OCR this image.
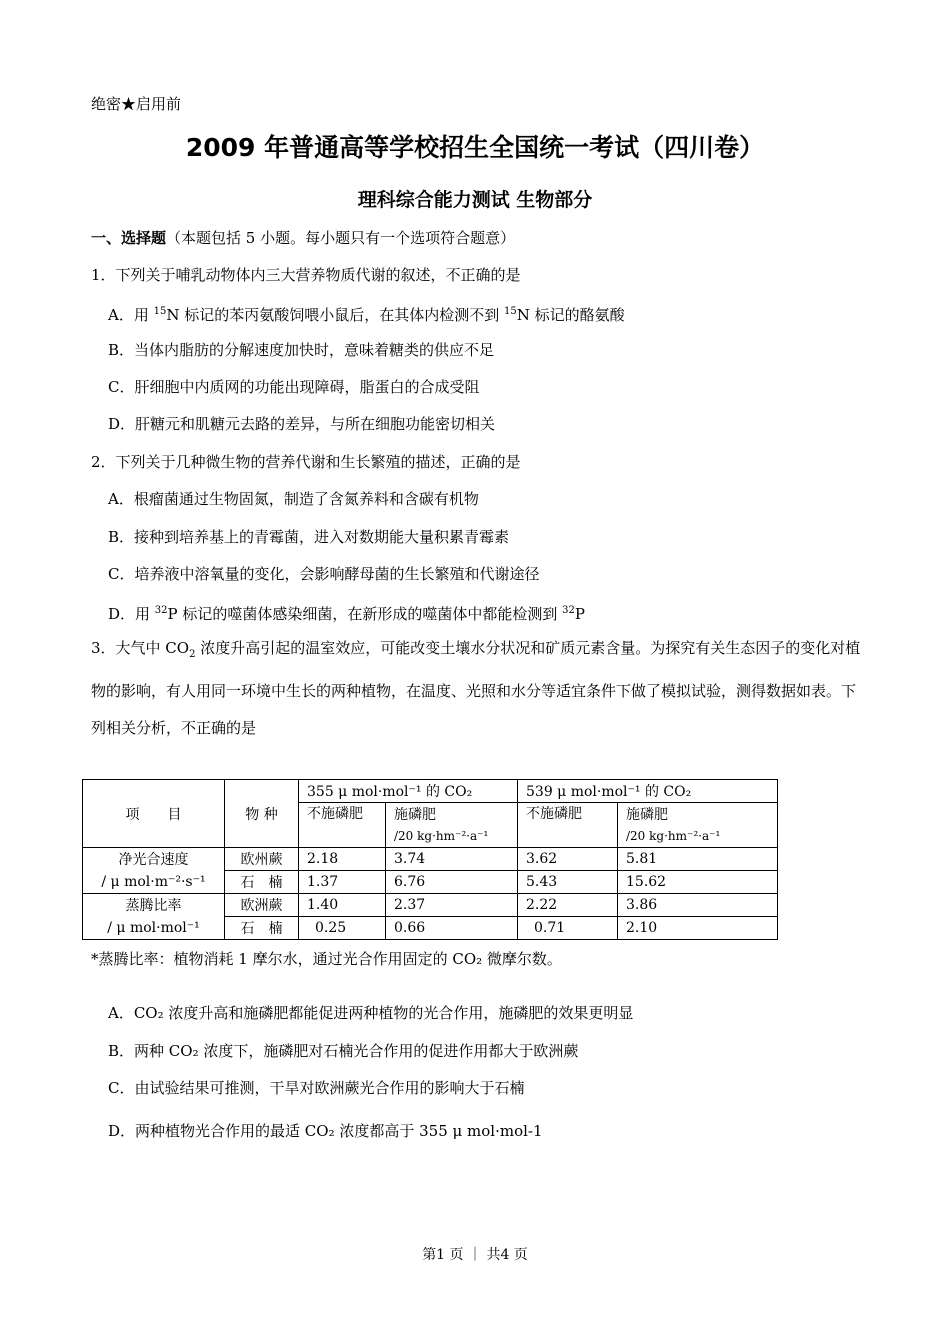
绝密★启用前
2009 年普通高等学校招生全国统一考试（四川卷）
理科综合能力测试 生物部分
一、选择题（本题包括 5 小题。每小题只有一个选项符合题意）
1．下列关于哺乳动物体内三大营养物质代谢的叙述，不正确的是
A．用 $^{15}$N 标记的苯丙氨酸饲喂小鼠后，在其体内检测不到 $^{15}$N 标记的酪氨酸
B．当体内脂肪的分解速度加快时，意味着糖类的供应不足
C．肝细胞中内质网的功能出现障碍，脂蛋白的合成受阻
D．肝糖元和肌糖元去路的差异，与所在细胞功能密切相关
2．下列关于几种微生物的营养代谢和生长繁殖的描述，正确的是
A．根瘤菌通过生物固氮，制造了含氮养料和含碳有机物
B．接种到培养基上的青霉菌，进入对数期能大量积累青霉素
C．培养液中溶氧量的变化，会影响酵母菌的生长繁殖和代谢途径
D．用 $^{32}$P 标记的噬菌体感染细菌，在新形成的噬菌体中都能检测到 $^{32}$P
3．大气中 $CO_2$ 浓度升高引起的温室效应，可能改变土壤水分状况和矿质元素含量。为探究有关生态因子的变化对植物的影响，有人用同一环境中生长的两种植物，在温度、光照和水分等适宜条件下做了模拟试验，测得数据如表。下列相关分析，不正确的是
项　　目	物 种	355 μ mol·mol⁻¹ 的 CO₂		539 μ mol·mol⁻¹ 的 CO₂	
		不施磷肥	施磷肥	不施磷肥	施磷肥
			/20 kg·hm⁻²·a⁻¹		/20 kg·hm⁻²·a⁻¹
净光合速度	欧州蕨	2.18	3.74	3.62	5.81
/ μ mol·m⁻²·s⁻¹	石　楠	1.37	6.76	5.43	15.62
蒸腾比率	欧洲蕨	1.40	2.37	2.22	3.86
/ μ mol·mol⁻¹	石　楠	0.25	0.66	0.71	2.10
*蒸腾比率：植物消耗 1 摩尔水，通过光合作用固定的 CO₂ 微摩尔数。
A．CO₂ 浓度升高和施磷肥都能促进两种植物的光合作用，施磷肥的效果更明显
B．两种 CO₂ 浓度下，施磷肥对石楠光合作用的促进作用都大于欧洲蕨
C．由试验结果可推测，干旱对欧洲蕨光合作用的影响大于石楠
D．两种植物光合作用的最适 CO₂ 浓度都高于 355 μ mol·mol-1
第1 页 ｜ 共4 页
